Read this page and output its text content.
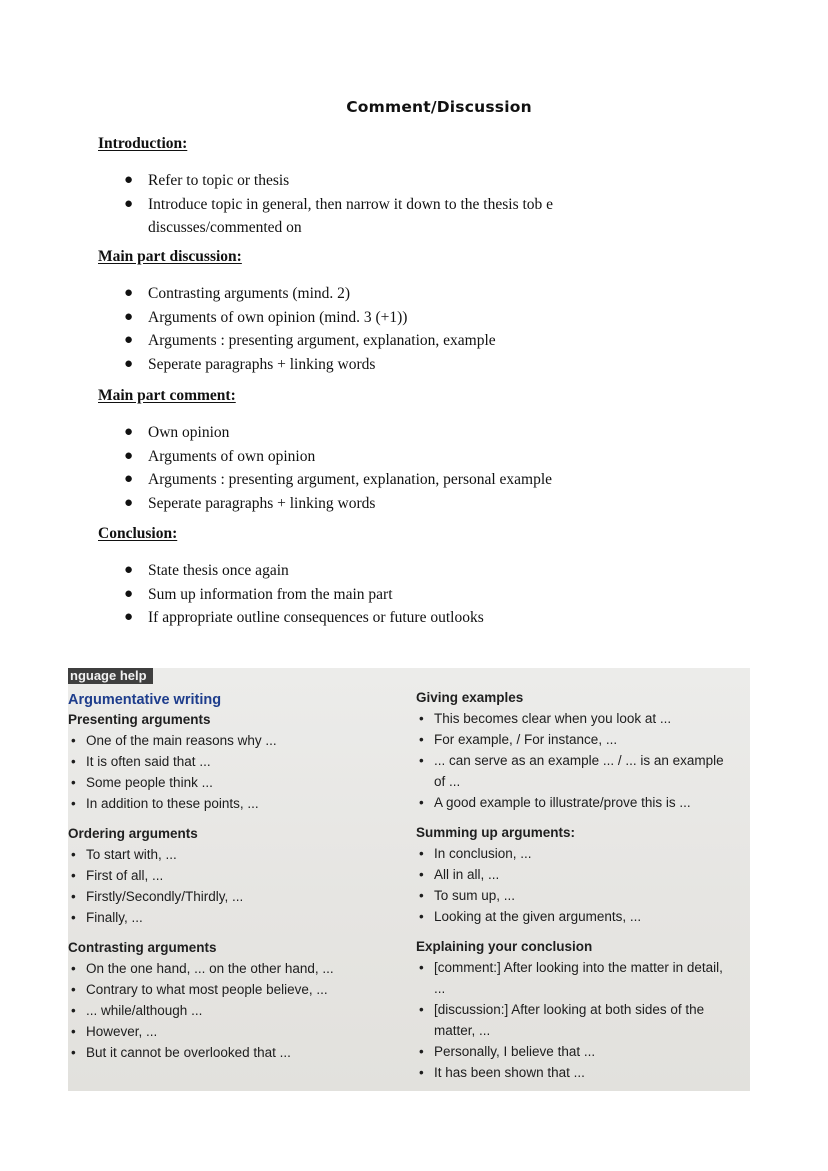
Comment/Discussion
Introduction:
● Refer to topic or thesis
● Introduce topic in general, then narrow it down to the thesis tob e discusses/commented on
Main part discussion:
● Contrasting arguments (mind. 2)
● Arguments of own opinion (mind. 3 (+1))
● Arguments : presenting argument, explanation, example
● Seperate paragraphs + linking words
Main part comment:
● Own opinion
● Arguments of own opinion
● Arguments : presenting argument, explanation, personal example
● Seperate paragraphs + linking words
Conclusion:
● State thesis once again
● Sum up information from the main part
● If appropriate outline consequences or future outlooks
nguage help
Argumentative writing
Presenting arguments
• One of the main reasons why ...
• It is often said that ...
• Some people think ...
• In addition to these points, ...
Ordering arguments
• To start with, ...
• First of all, ...
• Firstly/Secondly/Thirdly, ...
• Finally, ...
Contrasting arguments
• On the one hand, ... on the other hand, ...
• Contrary to what most people believe, ...
• ... while/although ...
• However, ...
• But it cannot be overlooked that ...
Giving examples
• This becomes clear when you look at ...
• For example, / For instance, ...
• ... can serve as an example ... / ... is an example of ...
• A good example to illustrate/prove this is ...
Summing up arguments:
• In conclusion, ...
• All in all, ...
• To sum up, ...
• Looking at the given arguments, ...
Explaining your conclusion
• [comment:] After looking into the matter in detail, ...
• [discussion:] After looking at both sides of the matter, ...
• Personally, I believe that ...
• It has been shown that ...
